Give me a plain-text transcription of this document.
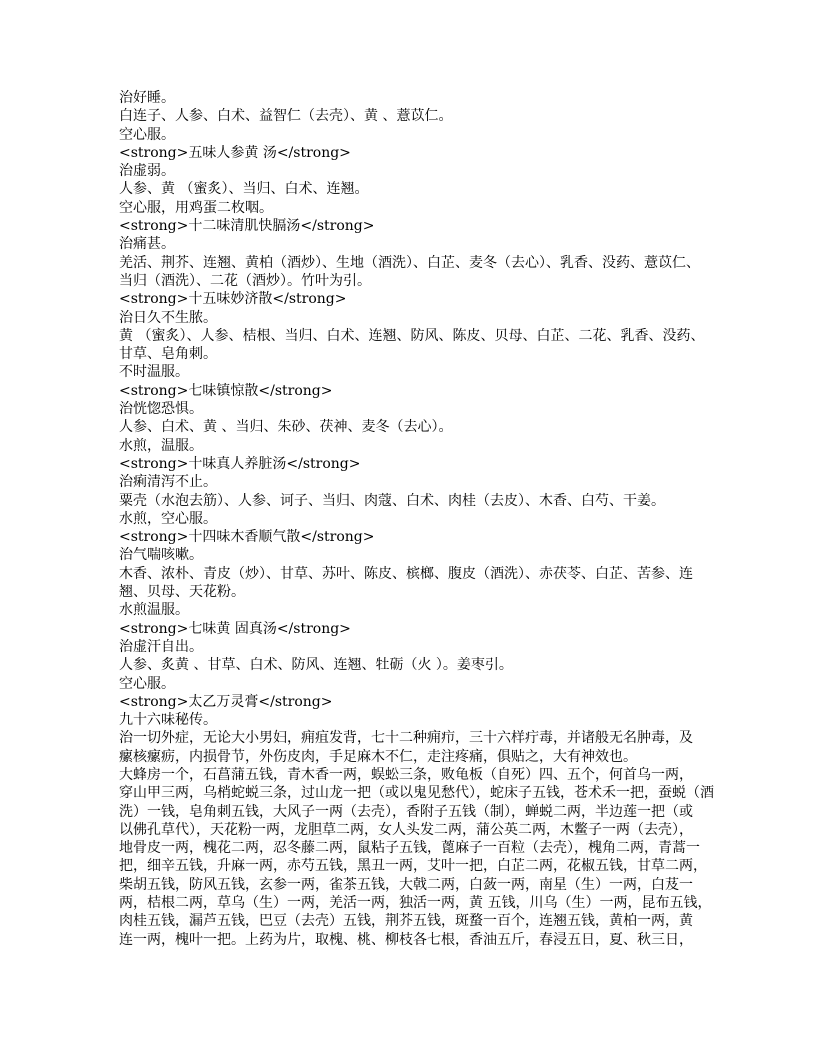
治好睡。
白连子、人参、白术、益智仁（去壳）、黄 、薏苡仁。
空心服。
<strong>五味人参黄 汤</strong>
治虚弱。
人参、黄 （蜜炙）、当归、白术、连翘。
空心服，用鸡蛋二枚咽。
<strong>十二味清肌快膈汤</strong>
治痛甚。
羌活、荆芥、连翘、黄柏（酒炒）、生地（酒洗）、白芷、麦冬（去心）、乳香、没药、薏苡仁、
当归（酒洗）、二花（酒炒）。竹叶为引。
<strong>十五味妙济散</strong>
治日久不生脓。
黄 （蜜炙）、人参、桔根、当归、白术、连翘、防风、陈皮、贝母、白芷、二花、乳香、没药、
甘草、皂角刺。
不时温服。
<strong>七味镇惊散</strong>
治恍惚恐惧。
人参、白术、黄 、当归、朱砂、茯神、麦冬（去心）。
水煎，温服。
<strong>十味真人养脏汤</strong>
治痢清泻不止。
粟壳（水泡去筋）、人参、诃子、当归、肉蔻、白术、肉桂（去皮）、木香、白芍、干姜。
水煎，空心服。
<strong>十四味木香顺气散</strong>
治气喘咳嗽。
木香、浓朴、青皮（炒）、甘草、苏叶、陈皮、槟榔、腹皮（酒洗）、赤茯苓、白芷、苦参、连
翘、贝母、天花粉。
水煎温服。
<strong>七味黄 固真汤</strong>
治虚汗自出。
人参、炙黄 、甘草、白术、防风、连翘、牡砺（火 ）。姜枣引。
空心服。
<strong>太乙万灵膏</strong>
九十六味秘传。
治一切外症，无论大小男妇，痈疽发背，七十二种痈疖，三十六样疔毒，并诸般无名肿毒，及
瘰核瘰疬，内损骨节，外伤皮肉，手足麻木不仁，走注疼痛，俱贴之，大有神效也。
大蜂房一个，石菖蒲五钱，青木香一两，蜈蚣三条，败龟板（自死）四、五个，何首乌一两，
穿山甲三两，乌梢蛇蜕三条，过山龙一把（或以鬼见愁代），蛇床子五钱，苍术禾一把，蚕蜕（酒
洗）一钱，皂角刺五钱，大风子一两（去壳），香附子五钱（制），蝉蜕二两，半边莲一把（或
以佛孔草代），天花粉一两，龙胆草二两，女人头发二两，蒲公英二两，木鳖子一两（去壳），
地骨皮一两，槐花二两，忍冬藤二两，鼠粘子五钱，蓖麻子一百粒（去壳），槐角二两，青蒿一
把，细辛五钱，升麻一两，赤芍五钱，黑丑一两，艾叶一把，白芷二两，花椒五钱，甘草二两，
柴胡五钱，防风五钱，玄参一两，雀茶五钱，大戟二两，白蔹一两，南星（生）一两，白芨一
两，桔根二两，草乌（生）一两，羌活一两，独活一两，黄 五钱，川乌（生）一两，昆布五钱，
肉桂五钱，漏芦五钱，巴豆（去壳）五钱，荆芥五钱，斑蝥一百个，连翘五钱，黄柏一两，黄
连一两，槐叶一把。上药为片，取槐、桃、柳枝各七根，香油五斤，春浸五日，夏、秋三日，
